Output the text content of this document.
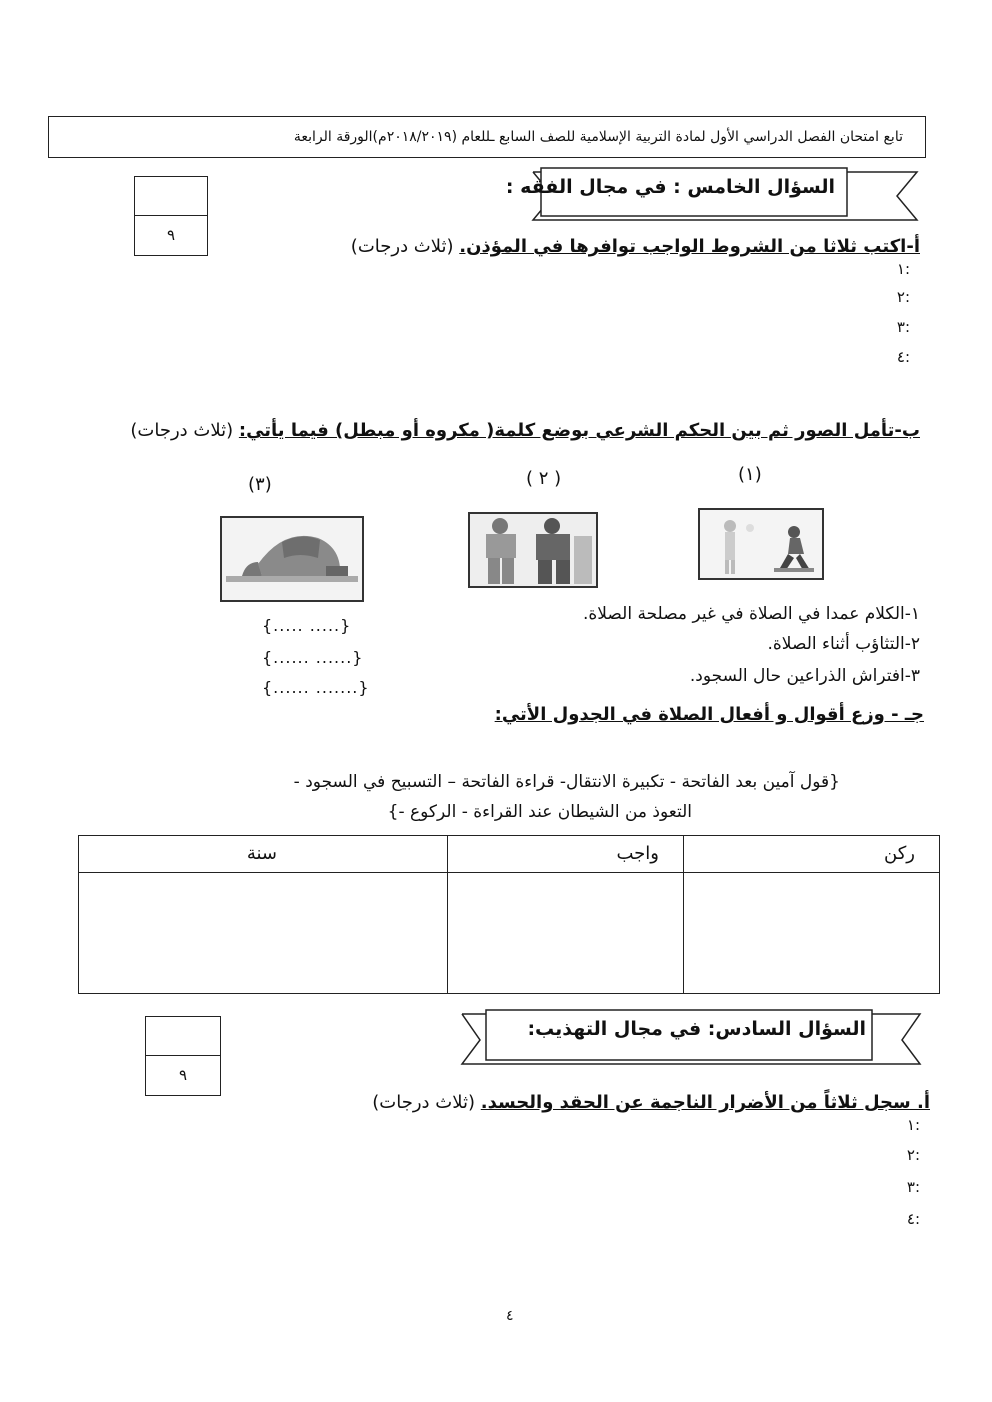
تابع امتحان الفصل الدراسي الأول لمادة التربية الإسلامية للصف السابع ـللعام (٢٠١٨/٢٠١٩م)الورقة الرابعة
٩
السؤال الخامس : في مجال الفقه :
أ-اكتب ثلاثا من الشروط الواجب توافرها في المؤذن. (ثلاث درجات)
:١
:٢
:٣
:٤
ب-تأمل الصور ثم بين الحكم الشرعي بوضع كلمة( مكروه أو مبطل) فيما يأتي: (ثلاث درجات)
(١)
( ٢ )
(٣)
١-الكلام عمدا في الصلاة في غير مصلحة الصلاة.
{..... .....}
٢-التثاؤب أثناء الصلاة.
{...... ......}
٣-افتراش الذراعين حال السجود.
{...... .......}
جـ - وزع أقوال و أفعال الصلاة في الجدول الأتي:
{قول آمين بعد الفاتحة - تكبيرة الانتقال- قراءة الفاتحة – التسبيح في السجود -
التعوذ من الشيطان عند القراءة - الركوع -}
ركن	واجب	سنة

٩
السؤال السادس: في مجال التهذيب:
أ. سجل ثلاثاً من الأضرار الناجمة عن الحقد والحسد. (ثلاث درجات)
:١
:٢
:٣
:٤
٤
